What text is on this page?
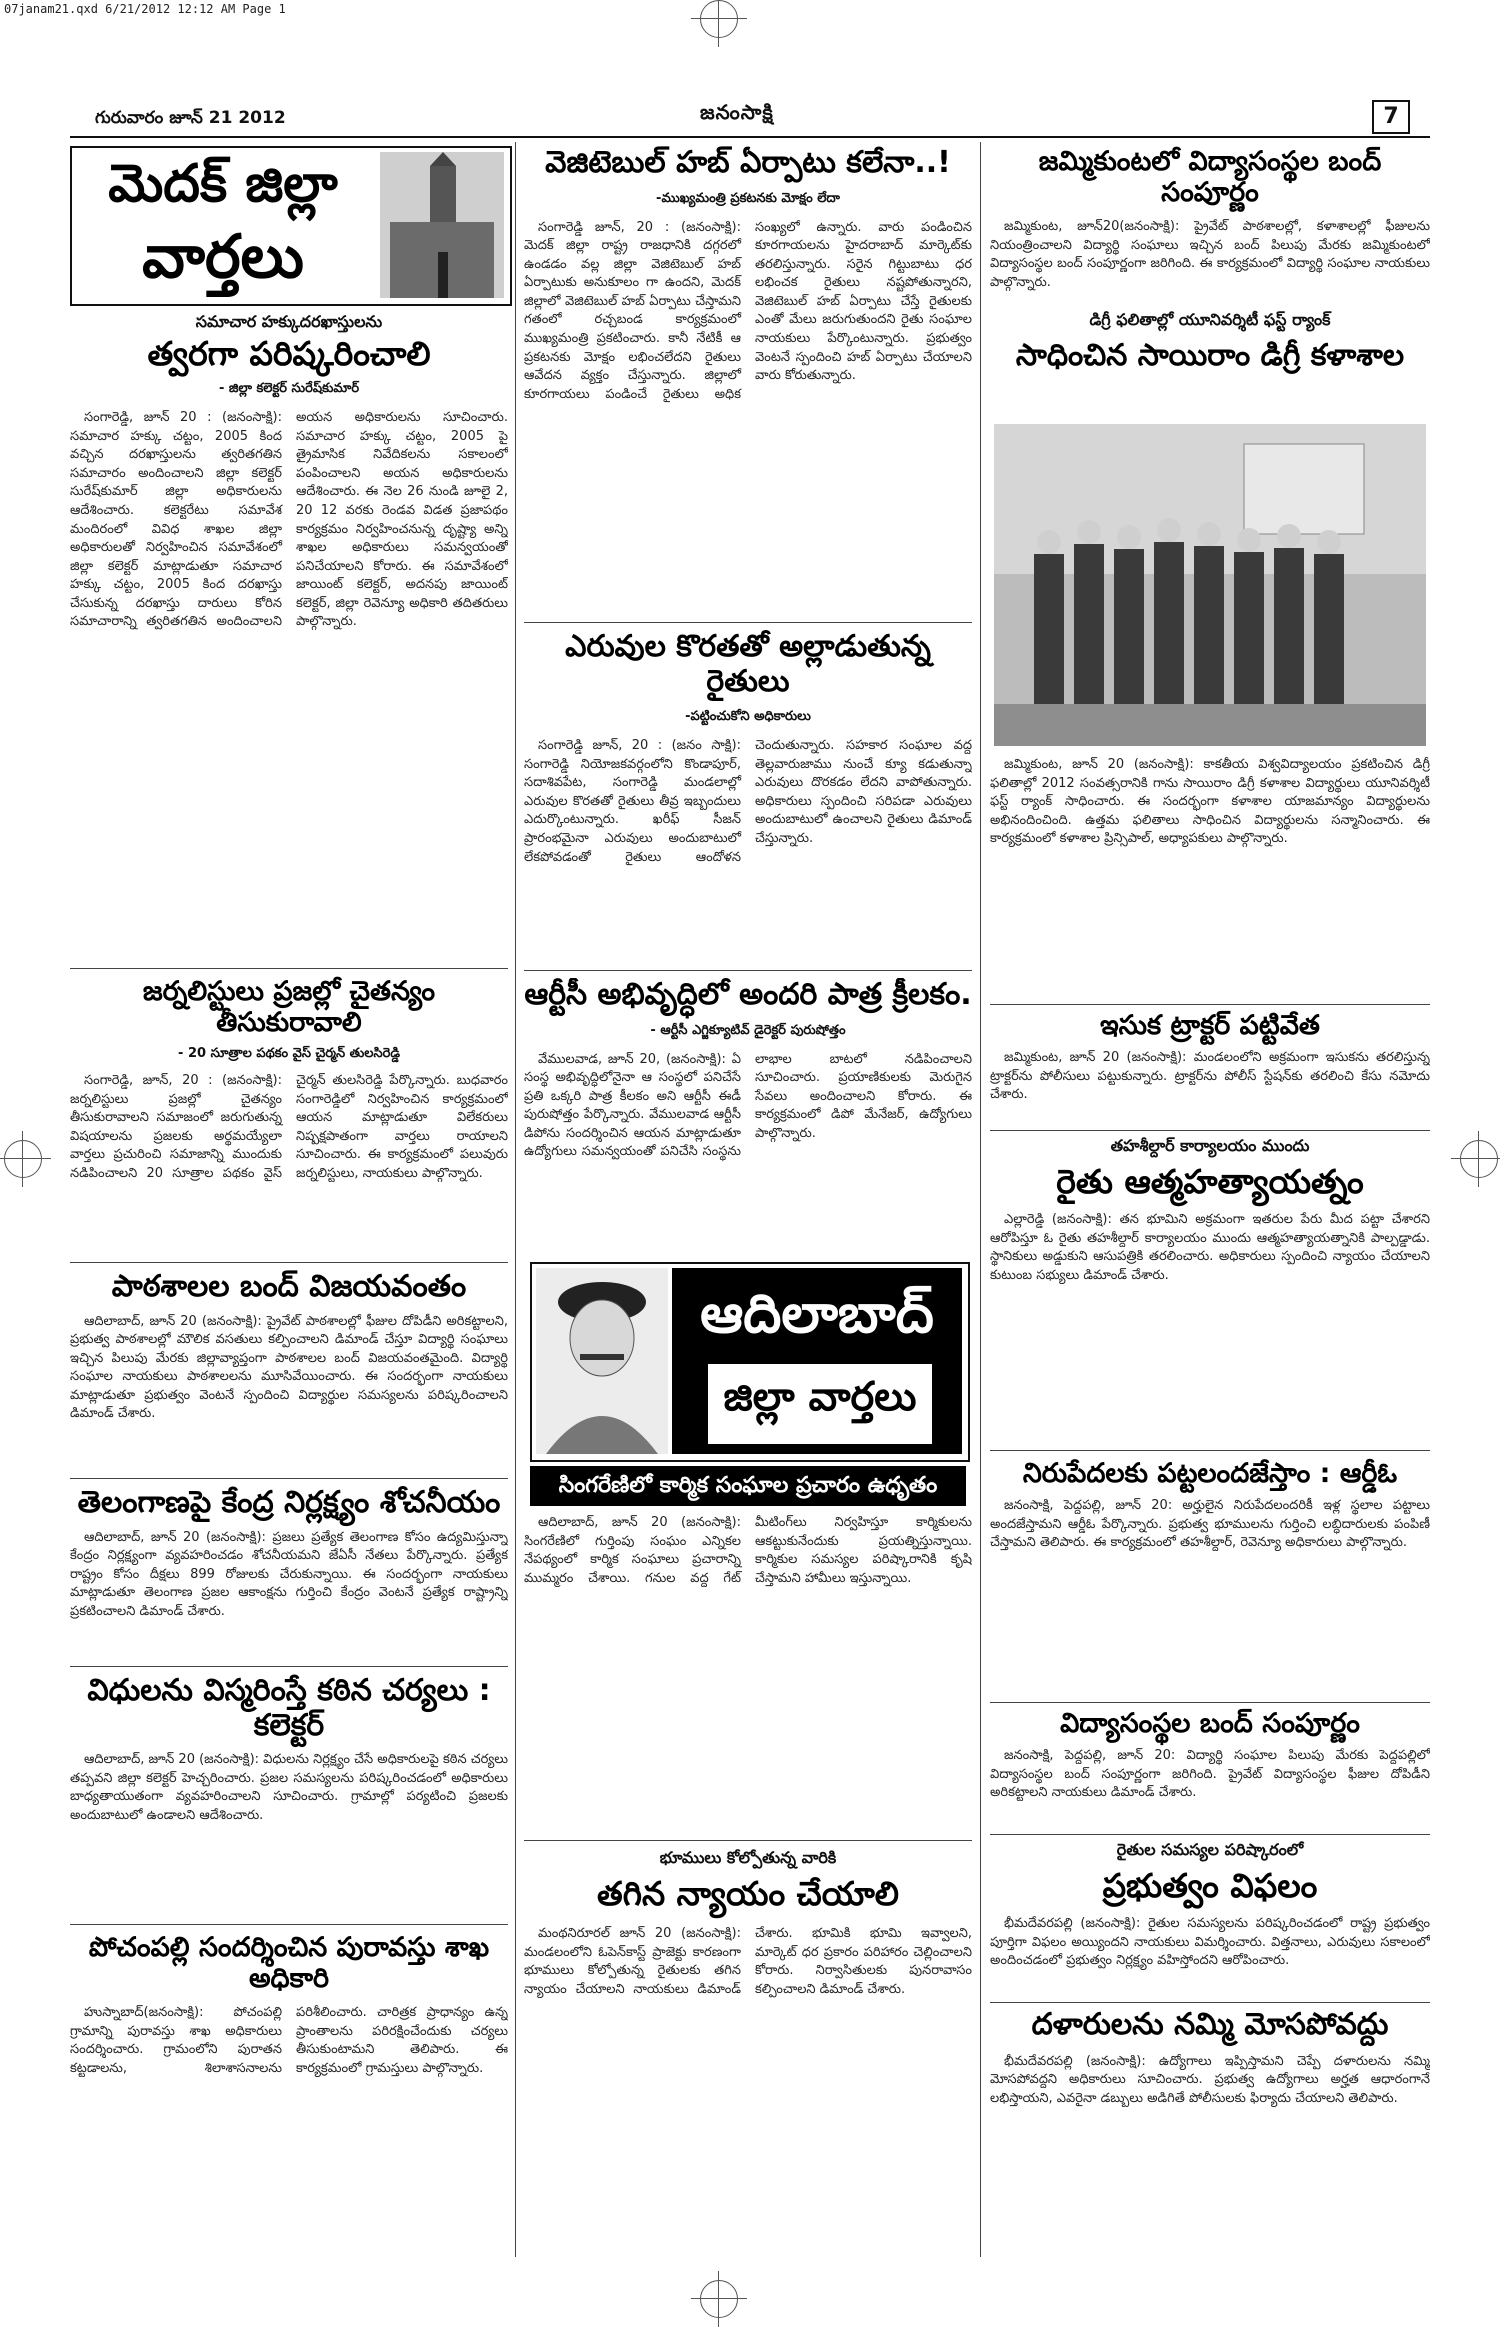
07janam21.qxd 6/21/2012 12:12 AM Page 1
గురువారం జూన్ 21 2012	జనంసాక్షి	7
మెదక్ జిల్లా
వార్తలు
సమాచార హక్కుదరఖాస్తులను
త్వరగా పరిష్కరించాలి
- జిల్లా కలెక్టర్ సురేష్‌కుమార్

సంగారెడ్డి, జూన్ 20 : (జనంసాక్షి): సమాచార హక్కు చట్టం, 2005 కింద వచ్చిన దరఖాస్తులను త్వరితగతిన సమాచారం అందించాలని జిల్లా కలెక్టర్ సురేష్‌కుమార్ జిల్లా అధికారులను ఆదేశించారు. కలెక్టరేటు సమావేశ మందిరంలో వివిధ శాఖల జిల్లా అధికారులతో నిర్వహించిన సమావేశంలో జిల్లా కలెక్టర్ మాట్లాడుతూ సమాచార హక్కు చట్టం, 2005 కింద దరఖాస్తు చేసుకున్న దరఖాస్తు దారులు కోరిన సమాచారాన్ని త్వరితగతిన అందించాలని అయన అధికారులను సూచించారు. సమాచార హక్కు చట్టం, 2005 పై త్రైమాసిక నివేదికలను సకాలంలో పంపించాలని అయన అధికారులను ఆదేశించారు. ఈ నెల 26 నుండి జూలై 2, 20 12 వరకు రెండవ విడత ప్రజాపథం కార్యక్రమం నిర్వహించనున్న దృష్ట్యా అన్ని శాఖల అధికారులు సమన్వయంతో పనిచేయాలని కోరారు. ఈ సమావేశంలో జాయింట్ కలెక్టర్, అదనపు జాయింట్ కలెక్టర్, జిల్లా రెవెన్యూ అధికారి తదితరులు పాల్గొన్నారు.

జర్నలిస్టులు ప్రజల్లో చైతన్యం తీసుకురావాలి
- 20 సూత్రాల పథకం వైస్ చైర్మన్ తులసిరెడ్డి

సంగారెడ్డి, జూన్, 20 : (జనంసాక్షి): జర్నలిస్టులు ప్రజల్లో చైతన్యం తీసుకురావాలని సమాజంలో జరుగుతున్న విషయాలను ప్రజలకు అర్థమయ్యేలా వార్తలు ప్రచురించి సమాజాన్ని ముందుకు నడిపించాలని 20 సూత్రాల పథకం వైస్ చైర్మన్ తులసిరెడ్డి పేర్కొన్నారు. బుధవారం సంగారెడ్డిలో నిర్వహించిన కార్యక్రమంలో ఆయన మాట్లాడుతూ విలేకరులు నిష్పక్షపాతంగా వార్తలు రాయాలని సూచించారు. ఈ కార్యక్రమంలో పలువురు జర్నలిస్టులు, నాయకులు పాల్గొన్నారు.

పాఠశాలల బంద్ విజయవంతం

ఆదిలాబాద్, జూన్ 20 (జనంసాక్షి): ప్రైవేట్ పాఠశాలల్లో ఫీజుల దోపిడీని అరికట్టాలని, ప్రభుత్వ పాఠశాలల్లో మౌలిక వసతులు కల్పించాలని డిమాండ్ చేస్తూ విద్యార్థి సంఘాలు ఇచ్చిన పిలుపు మేరకు జిల్లావ్యాప్తంగా పాఠశాలల బంద్ విజయవంతమైంది. విద్యార్థి సంఘాల నాయకులు పాఠశాలలను మూసివేయించారు. ఈ సందర్భంగా నాయకులు మాట్లాడుతూ ప్రభుత్వం వెంటనే స్పందించి విద్యార్థుల సమస్యలను పరిష్కరించాలని డిమాండ్ చేశారు.

తెలంగాణపై కేంద్ర నిర్లక్ష్యం శోచనీయం

ఆదిలాబాద్, జూన్ 20 (జనంసాక్షి): ప్రజలు ప్రత్యేక తెలంగాణ కోసం ఉద్యమిస్తున్నా కేంద్రం నిర్లక్ష్యంగా వ్యవహరించడం శోచనీయమని జేఏసీ నేతలు పేర్కొన్నారు. ప్రత్యేక రాష్ట్రం కోసం దీక్షలు 899 రోజులకు చేరుకున్నాయి. ఈ సందర్భంగా నాయకులు మాట్లాడుతూ తెలంగాణ ప్రజల ఆకాంక్షను గుర్తించి కేంద్రం వెంటనే ప్రత్యేక రాష్ట్రాన్ని ప్రకటించాలని డిమాండ్ చేశారు.

విధులను విస్మరింస్తే కఠిన చర్యలు : కలెక్టర్

ఆదిలాబాద్, జూన్ 20 (జనంసాక్షి): విధులను నిర్లక్ష్యం చేసే అధికారులపై కఠిన చర్యలు తప్పవని జిల్లా కలెక్టర్ హెచ్చరించారు. ప్రజల సమస్యలను పరిష్కరించడంలో అధికారులు బాధ్యతాయుతంగా వ్యవహరించాలని సూచించారు. గ్రామాల్లో పర్యటించి ప్రజలకు అందుబాటులో ఉండాలని ఆదేశించారు.

పోచంపల్లి సందర్శించిన పురావస్తు శాఖ అధికారి

హుస్నాబాద్(జనంసాక్షి): పోచంపల్లి గ్రామాన్ని పురావస్తు శాఖ అధికారులు సందర్శించారు. గ్రామంలోని పురాతన కట్టడాలను, శిలాశాసనాలను పరిశీలించారు. చారిత్రక ప్రాధాన్యం ఉన్న ప్రాంతాలను పరిరక్షించేందుకు చర్యలు తీసుకుంటామని తెలిపారు. ఈ కార్యక్రమంలో గ్రామస్తులు పాల్గొన్నారు.

వెజిటెబుల్ హబ్ ఏర్పాటు కలేనా..!
-ముఖ్యమంత్రి ప్రకటనకు మోక్షం లేదా

సంగారెడ్డి జూన్, 20 : (జనంసాక్షి): మెదక్ జిల్లా రాష్ట్ర రాజధానికి దగ్గరలో ఉండడం వల్ల జిల్లా వెజిటెబుల్ హబ్ ఏర్పాటుకు అనుకూలం గా ఉందని, మెదక్ జిల్లాలో వెజిటెబుల్ హబ్ ఏర్పాటు చేస్తామని గతంలో రచ్చబండ కార్యక్రమంలో ముఖ్యమంత్రి ప్రకటించారు. కానీ నేటికీ ఆ ప్రకటనకు మోక్షం లభించలేదని రైతులు ఆవేదన వ్యక్తం చేస్తున్నారు. జిల్లాలో కూరగాయలు పండించే రైతులు అధిక సంఖ్యలో ఉన్నారు. వారు పండించిన కూరగాయలను హైదరాబాద్ మార్కెట్‌కు తరలిస్తున్నారు. సరైన గిట్టుబాటు ధర లభించక రైతులు నష్టపోతున్నారని, వెజిటెబుల్ హబ్ ఏర్పాటు చేస్తే రైతులకు ఎంతో మేలు జరుగుతుందని రైతు సంఘాల నాయకులు పేర్కొంటున్నారు. ప్రభుత్వం వెంటనే స్పందించి హబ్ ఏర్పాటు చేయాలని వారు కోరుతున్నారు.

ఎరువుల కొరతతో అల్లాడుతున్న రైతులు
-పట్టించుకోని అధికారులు

సంగారెడ్డి జూన్, 20 : (జనం సాక్షి): సంగారెడ్డి నియోజకవర్గంలోని కొండాపూర్, సదాశివపేట, సంగారెడ్డి మండలాల్లో ఎరువుల కొరతతో రైతులు తీవ్ర ఇబ్బందులు ఎదుర్కొంటున్నారు. ఖరీఫ్ సీజన్ ప్రారంభమైనా ఎరువులు అందుబాటులో లేకపోవడంతో రైతులు ఆందోళన చెందుతున్నారు. సహకార సంఘాల వద్ద తెల్లవారుజాము నుంచే క్యూ కడుతున్నా ఎరువులు దొరకడం లేదని వాపోతున్నారు. అధికారులు స్పందించి సరిపడా ఎరువులు అందుబాటులో ఉంచాలని రైతులు డిమాండ్ చేస్తున్నారు.

ఆర్టీసీ అభివృద్ధిలో అందరి పాత్ర క్రీలకం.
- ఆర్టీసీ ఎగ్జిక్యూటివ్ డైరెక్టర్ పురుషోత్తం

వేములవాడ, జూన్ 20, (జనంసాక్షి): ఏ సంస్థ అభివృద్ధిలోనైనా ఆ సంస్థలో పనిచేసే ప్రతి ఒక్కరి పాత్ర కీలకం అని ఆర్టీసీ ఈడీ పురుషోత్తం పేర్కొన్నారు. వేములవాడ ఆర్టీసీ డిపోను సందర్శించిన ఆయన మాట్లాడుతూ ఉద్యోగులు సమన్వయంతో పనిచేసి సంస్థను లాభాల బాటలో నడిపించాలని సూచించారు. ప్రయాణికులకు మెరుగైన సేవలు అందించాలని కోరారు. ఈ కార్యక్రమంలో డిపో మేనేజర్, ఉద్యోగులు పాల్గొన్నారు.

ఆదిలాబాద్
జిల్లా వార్తలు
సింగరేణిలో కార్మిక సంఘాల ప్రచారం ఉధృతం

ఆదిలాబాద్, జూన్ 20 (జనంసాక్షి): సింగరేణిలో గుర్తింపు సంఘం ఎన్నికల నేపథ్యంలో కార్మిక సంఘాలు ప్రచారాన్ని ముమ్మరం చేశాయి. గనుల వద్ద గేట్ మీటింగ్‌లు నిర్వహిస్తూ కార్మికులను ఆకట్టుకునేందుకు ప్రయత్నిస్తున్నాయి. కార్మికుల సమస్యల పరిష్కారానికి కృషి చేస్తామని హామీలు ఇస్తున్నాయి.

భూములు కోల్పోతున్న వారికి
తగిన న్యాయం చేయాలి

మంథనిరూరల్ జూన్ 20 (జనంసాక్షి): మండలంలోని ఓపెన్‌కాస్ట్ ప్రాజెక్టు కారణంగా భూములు కోల్పోతున్న రైతులకు తగిన న్యాయం చేయాలని నాయకులు డిమాండ్ చేశారు. భూమికి భూమి ఇవ్వాలని, మార్కెట్ ధర ప్రకారం పరిహారం చెల్లించాలని కోరారు. నిర్వాసితులకు పునరావాసం కల్పించాలని డిమాండ్ చేశారు.

జమ్మికుంటలో విద్యాసంస్థల బంద్ సంపూర్ణం

జమ్మికుంట, జూన్20(జనంసాక్షి): ప్రైవేట్ పాఠశాలల్లో, కళాశాలల్లో ఫీజులను నియంత్రించాలని విద్యార్థి సంఘాలు ఇచ్చిన బంద్ పిలుపు మేరకు జమ్మికుంటలో విద్యాసంస్థల బంద్ సంపూర్ణంగా జరిగింది. ఈ కార్యక్రమంలో విద్యార్థి సంఘాల నాయకులు పాల్గొన్నారు.

డిగ్రీ ఫలితాల్లో యూనివర్శిటీ ఫస్ట్ ర్యాంక్
సాధించిన సాయిరాం డిగ్రీ కళాశాల

జమ్మికుంట, జూన్ 20 (జనంసాక్షి): కాకతీయ విశ్వవిద్యాలయం ప్రకటించిన డిగ్రీ ఫలితాల్లో 2012 సంవత్సరానికి గాను సాయిరాం డిగ్రీ కళాశాల విద్యార్థులు యూనివర్శిటీ ఫస్ట్ ర్యాంక్ సాధించారు. ఈ సందర్భంగా కళాశాల యాజమాన్యం విద్యార్థులను అభినందించింది. ఉత్తమ ఫలితాలు సాధించిన విద్యార్థులను సన్మానించారు. ఈ కార్యక్రమంలో కళాశాల ప్రిన్సిపాల్, అధ్యాపకులు పాల్గొన్నారు.

ఇసుక ట్రాక్టర్ పట్టివేత

జమ్మికుంట, జూన్ 20 (జనంసాక్షి): మండలంలోని అక్రమంగా ఇసుకను తరలిస్తున్న ట్రాక్టర్‌ను పోలీసులు పట్టుకున్నారు. ట్రాక్టర్‌ను పోలీస్ స్టేషన్‌కు తరలించి కేసు నమోదు చేశారు.

తహశీల్దార్ కార్యాలయం ముందు
రైతు ఆత్మహత్యాయత్నం

ఎల్లారెడ్డి (జనంసాక్షి): తన భూమిని అక్రమంగా ఇతరుల పేరు మీద పట్టా చేశారని ఆరోపిస్తూ ఓ రైతు తహశీల్దార్ కార్యాలయం ముందు ఆత్మహత్యాయత్నానికి పాల్పడ్డాడు. స్థానికులు అడ్డుకుని ఆసుపత్రికి తరలించారు. అధికారులు స్పందించి న్యాయం చేయాలని కుటుంబ సభ్యులు డిమాండ్ చేశారు.

నిరుపేదలకు పట్టలందజేస్తాం : ఆర్డీఓ

జనంసాక్షి, పెద్దపల్లి, జూన్ 20: అర్హులైన నిరుపేదలందరికీ ఇళ్ల స్థలాల పట్టాలు అందజేస్తామని ఆర్డీఓ పేర్కొన్నారు. ప్రభుత్వ భూములను గుర్తించి లబ్ధిదారులకు పంపిణీ చేస్తామని తెలిపారు. ఈ కార్యక్రమంలో తహశీల్దార్, రెవెన్యూ అధికారులు పాల్గొన్నారు.

విద్యాసంస్థల బంద్ సంపూర్ణం

జనంసాక్షి, పెద్దపల్లి, జూన్ 20: విద్యార్థి సంఘాల పిలుపు మేరకు పెద్దపల్లిలో విద్యాసంస్థల బంద్ సంపూర్ణంగా జరిగింది. ప్రైవేట్ విద్యాసంస్థల ఫీజుల దోపిడీని అరికట్టాలని నాయకులు డిమాండ్ చేశారు.

రైతుల సమస్యల పరిష్కారంలో
ప్రభుత్వం విఫలం

భీమదేవరపల్లి (జనంసాక్షి): రైతుల సమస్యలను పరిష్కరించడంలో రాష్ట్ర ప్రభుత్వం పూర్తిగా విఫలం అయ్యిందని నాయకులు విమర్శించారు. విత్తనాలు, ఎరువులు సకాలంలో అందించడంలో ప్రభుత్వం నిర్లక్ష్యం వహిస్తోందని ఆరోపించారు.

దళారులను నమ్మి మోసపోవద్దు

భీమదేవరపల్లి (జనంసాక్షి): ఉద్యోగాలు ఇప్పిస్తామని చెప్పే దళారులను నమ్మి మోసపోవద్దని అధికారులు సూచించారు. ప్రభుత్వ ఉద్యోగాలు అర్హత ఆధారంగానే లభిస్తాయని, ఎవరైనా డబ్బులు అడిగితే పోలీసులకు ఫిర్యాదు చేయాలని తెలిపారు.
